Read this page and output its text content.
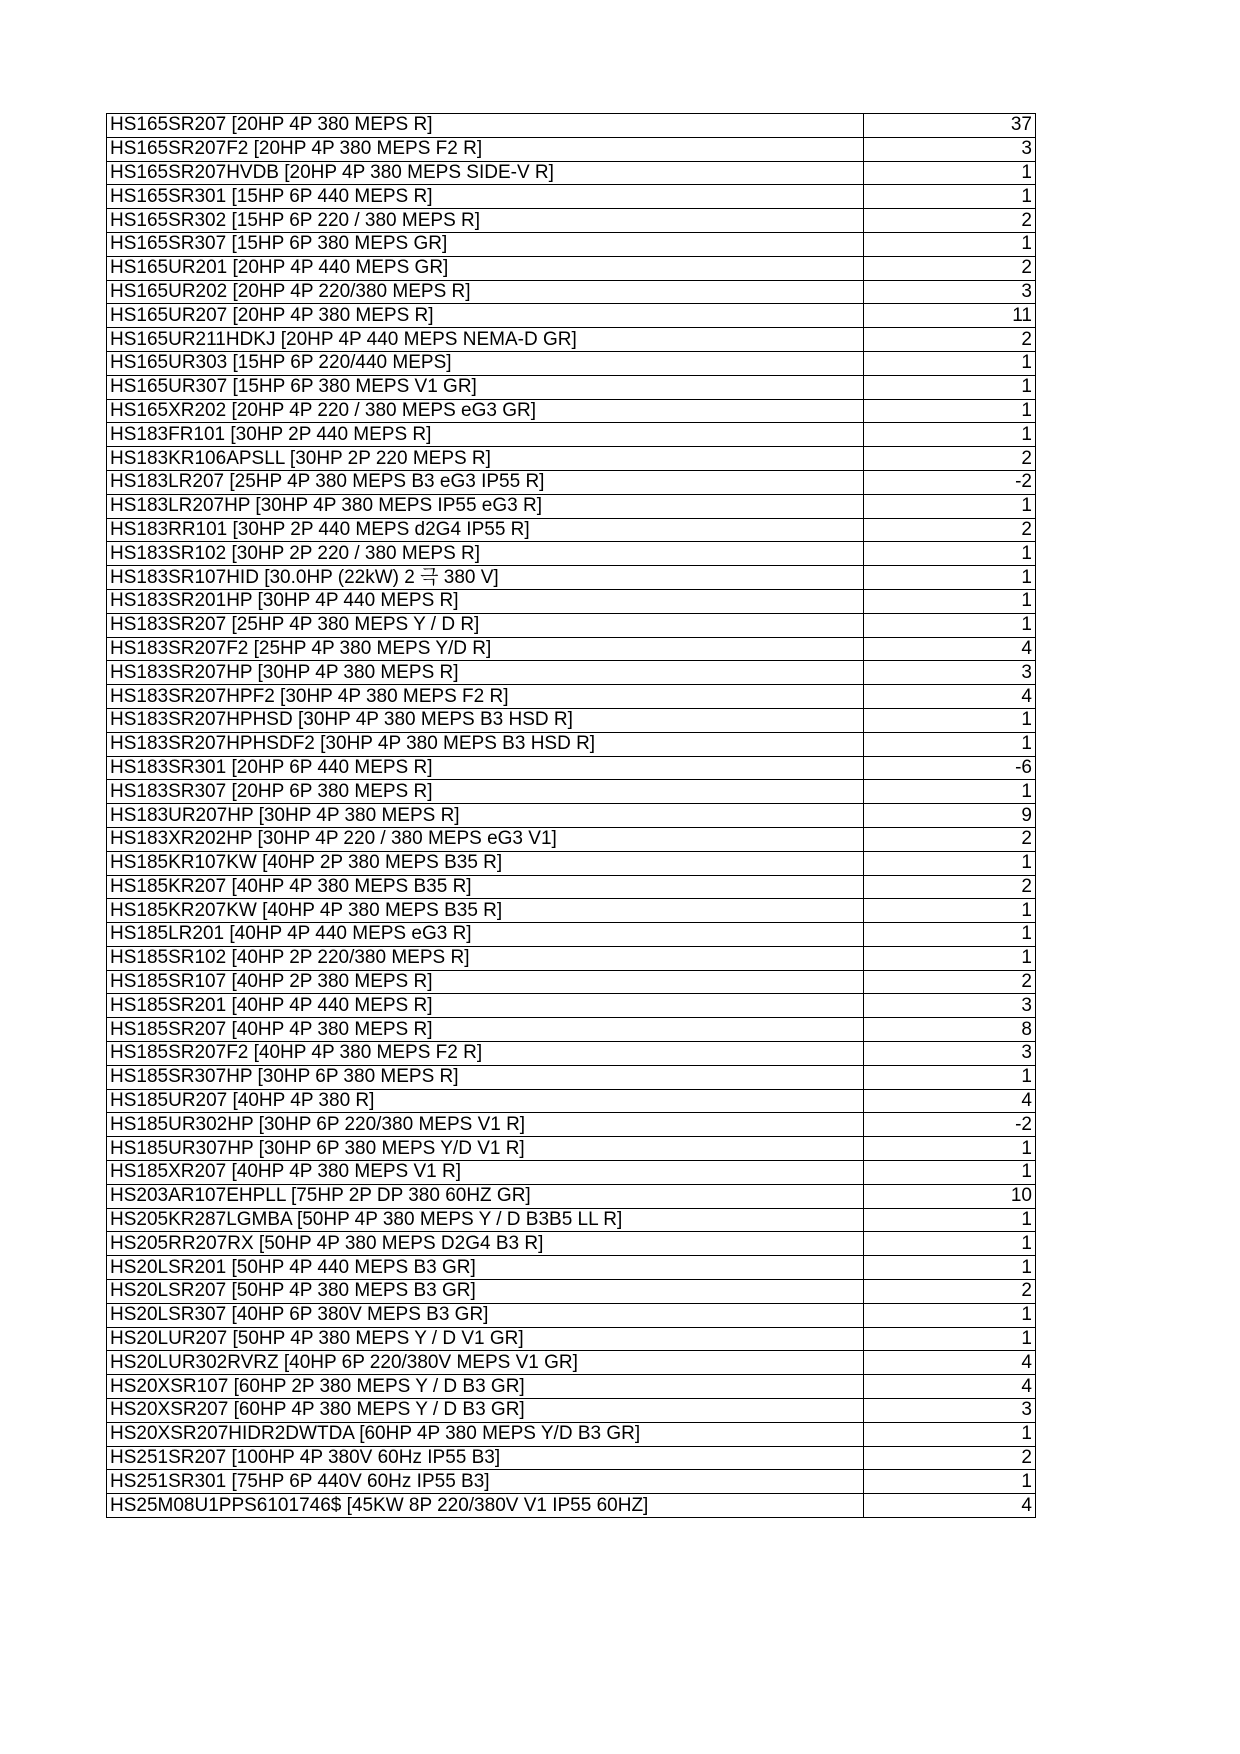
HS165SR207 [20HP 4P 380 MEPS R]	37
HS165SR207F2 [20HP 4P 380 MEPS F2 R]	3
HS165SR207HVDB [20HP 4P 380 MEPS SIDE-V R]	1
HS165SR301 [15HP 6P 440 MEPS R]	1
HS165SR302 [15HP 6P 220 / 380 MEPS R]	2
HS165SR307 [15HP 6P 380 MEPS GR]	1
HS165UR201 [20HP 4P 440 MEPS GR]	2
HS165UR202 [20HP 4P 220/380 MEPS R]	3
HS165UR207 [20HP 4P 380 MEPS R]	11
HS165UR211HDKJ [20HP 4P 440 MEPS NEMA-D GR]	2
HS165UR303 [15HP 6P 220/440 MEPS]	1
HS165UR307 [15HP 6P 380 MEPS V1 GR]	1
HS165XR202 [20HP 4P 220 / 380 MEPS eG3 GR]	1
HS183FR101 [30HP 2P 440 MEPS R]	1
HS183KR106APSLL [30HP 2P 220 MEPS R]	2
HS183LR207 [25HP 4P 380 MEPS B3 eG3 IP55 R]	-2
HS183LR207HP [30HP 4P 380 MEPS IP55 eG3 R]	1
HS183RR101 [30HP 2P 440 MEPS d2G4 IP55 R]	2
HS183SR102 [30HP 2P 220 / 380 MEPS R]	1
HS183SR107HID [30.0HP (22kW) 2 극 380 V]	1
HS183SR201HP [30HP 4P 440 MEPS R]	1
HS183SR207 [25HP 4P 380 MEPS Y / D R]	1
HS183SR207F2 [25HP 4P 380 MEPS Y/D R]	4
HS183SR207HP [30HP 4P 380 MEPS R]	3
HS183SR207HPF2 [30HP 4P 380 MEPS F2 R]	4
HS183SR207HPHSD [30HP 4P 380 MEPS B3 HSD R]	1
HS183SR207HPHSDF2 [30HP 4P 380 MEPS B3 HSD R]	1
HS183SR301 [20HP 6P 440 MEPS R]	-6
HS183SR307 [20HP 6P 380 MEPS R]	1
HS183UR207HP [30HP 4P 380 MEPS R]	9
HS183XR202HP [30HP 4P 220 / 380 MEPS eG3 V1]	2
HS185KR107KW [40HP 2P 380 MEPS B35 R]	1
HS185KR207 [40HP 4P 380 MEPS B35 R]	2
HS185KR207KW [40HP 4P 380 MEPS B35 R]	1
HS185LR201 [40HP 4P 440 MEPS eG3 R]	1
HS185SR102 [40HP 2P 220/380 MEPS R]	1
HS185SR107 [40HP 2P 380 MEPS R]	2
HS185SR201 [40HP 4P 440 MEPS R]	3
HS185SR207 [40HP 4P 380 MEPS R]	8
HS185SR207F2 [40HP 4P 380 MEPS F2 R]	3
HS185SR307HP [30HP 6P 380 MEPS R]	1
HS185UR207 [40HP 4P 380 R]	4
HS185UR302HP [30HP 6P 220/380 MEPS V1 R]	-2
HS185UR307HP [30HP 6P 380 MEPS Y/D V1 R]	1
HS185XR207 [40HP 4P 380 MEPS V1 R]	1
HS203AR107EHPLL [75HP 2P DP 380 60HZ GR]	10
HS205KR287LGMBA [50HP 4P 380 MEPS Y / D B3B5 LL R]	1
HS205RR207RX [50HP 4P 380 MEPS D2G4 B3 R]	1
HS20LSR201 [50HP 4P 440 MEPS B3 GR]	1
HS20LSR207 [50HP 4P 380 MEPS B3 GR]	2
HS20LSR307 [40HP 6P 380V MEPS B3 GR]	1
HS20LUR207 [50HP 4P 380 MEPS Y / D V1 GR]	1
HS20LUR302RVRZ [40HP 6P 220/380V MEPS V1 GR]	4
HS20XSR107 [60HP 2P 380 MEPS Y / D B3 GR]	4
HS20XSR207 [60HP 4P 380 MEPS Y / D B3 GR]	3
HS20XSR207HIDR2DWTDA [60HP 4P 380 MEPS Y/D B3 GR]	1
HS251SR207 [100HP 4P 380V 60Hz IP55 B3]	2
HS251SR301 [75HP 6P 440V 60Hz IP55 B3]	1
HS25M08U1PPS6101746$ [45KW 8P 220/380V V1 IP55 60HZ]	4
